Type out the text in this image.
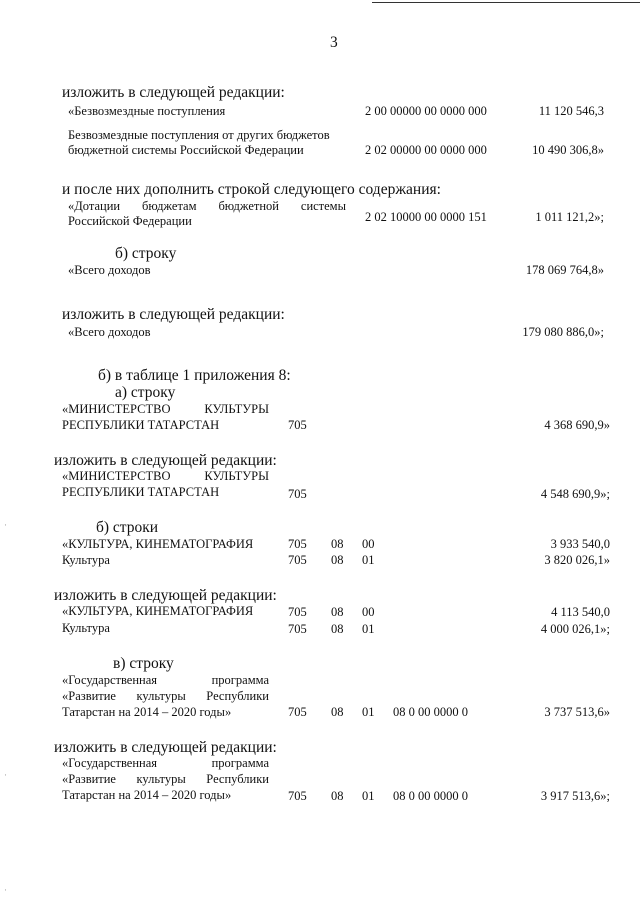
·
·
·
3
изложить в следующей редакции:
«Безвозмездные поступления	2 00 00000 00 0000 000	11 120 546,3
Безвозмездные поступления от других бюджетов
бюджетной системы Российской Федерации	2 02 00000 00 0000 000	10 490 306,8»
и после них дополнить строкой следующего содержания:
«Дотации бюджетам бюджетной системы
Российской Федерации	2 02 10000 00 0000 151	1 011 121,2»;
б) строку
«Всего доходов	178 069 764,8»
изложить в следующей редакции:
«Всего доходов	179 080 886,0»;
б) в таблице 1 приложения 8:
а) строку
«МИНИСТЕРСТВО	КУЛЬТУРЫ
РЕСПУБЛИКИ ТАТАРСТАН	705	4 368 690,9»
изложить в следующей редакции:
«МИНИСТЕРСТВО	КУЛЬТУРЫ
РЕСПУБЛИКИ ТАТАРСТАН	705	4 548 690,9»;
б) строки
«КУЛЬТУРА, КИНЕМАТОГРАФИЯ	705 08 00	3 933 540,0
Культура	705 08 01	3 820 026,1»
изложить в следующей редакции:
«КУЛЬТУРА, КИНЕМАТОГРАФИЯ	705 08 00	4 113 540,0
Культура	705 08 01	4 000 026,1»;
в) строку
«Государственная	программа
«Развитие культуры Республики
Татарстан на 2014 – 2020 годы»	705 08 01 08 0 00 0000 0	3 737 513,6»
изложить в следующей редакции:
«Государственная	программа
«Развитие культуры Республики
Татарстан на 2014 – 2020 годы»	705 08 01 08 0 00 0000 0	3 917 513,6»;
